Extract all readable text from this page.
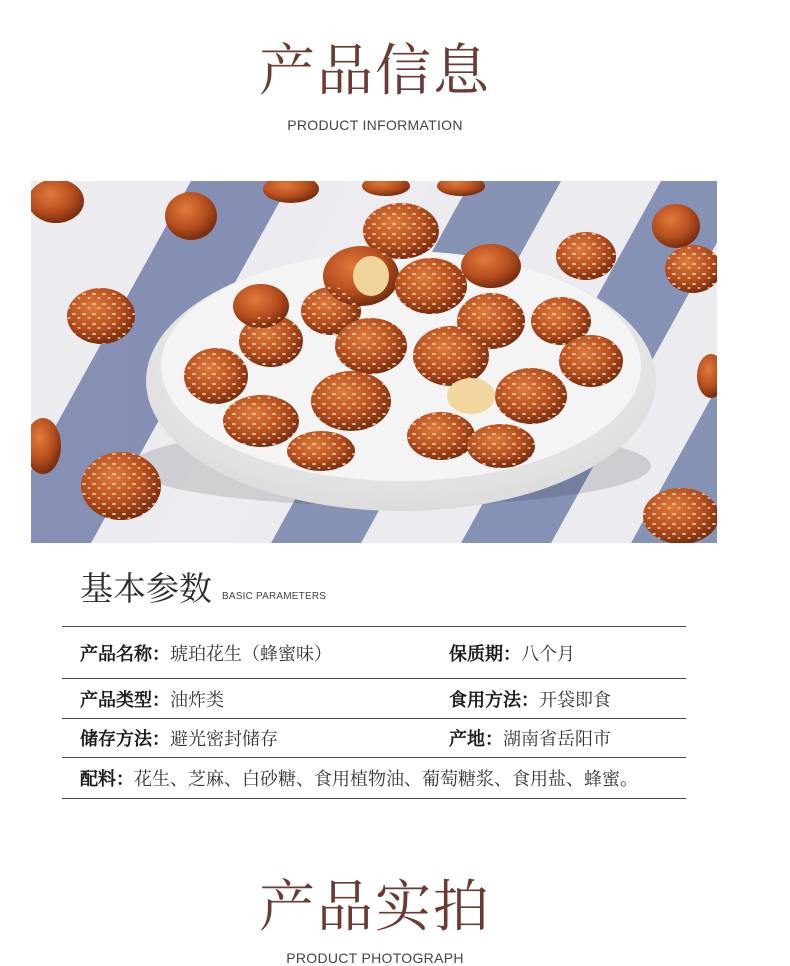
产品信息
PRODUCT INFORMATION
基本参数 BASIC PARAMETERS
产品名称：琥珀花生（蜂蜜味）	保质期：八个月
产品类型：油炸类	食用方法：开袋即食
储存方法：避光密封储存	产地：湖南省岳阳市
配料：花生、芝麻、白砂糖、食用植物油、葡萄糖浆、食用盐、蜂蜜。
产品实拍
PRODUCT PHOTOGRAPH
